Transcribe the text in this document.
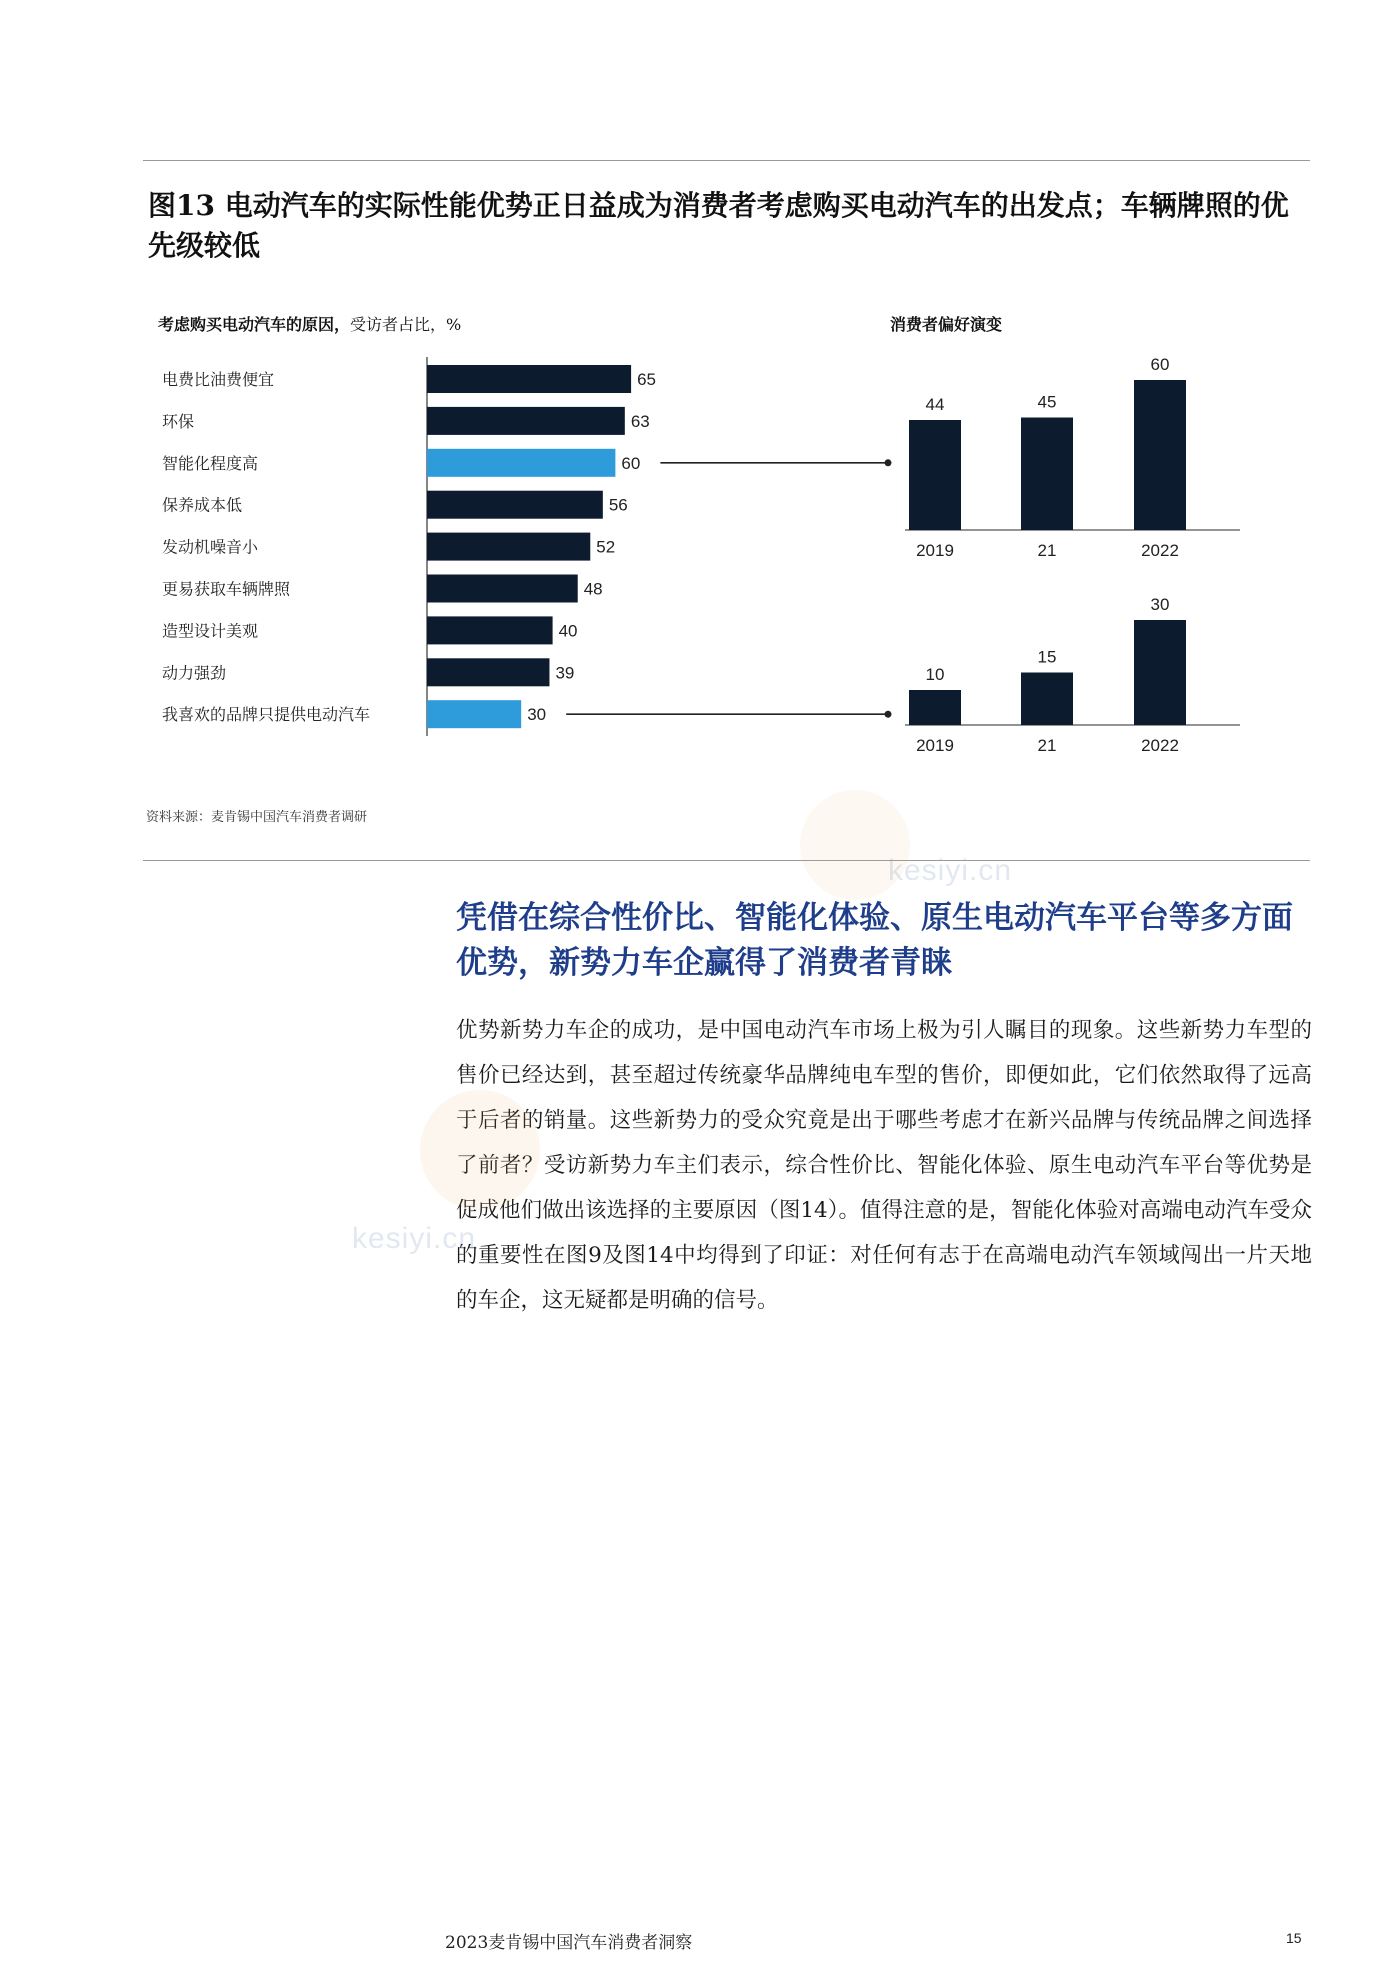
图13 电动汽车的实际性能优势正日益成为消费者考虑购买电动汽车的出发点；车辆牌照的优先级较低
考虑购买电动汽车的原因，受访者占比，%	消费者偏好演变
电费比油费便宜	65
环保	63
智能化程度高	60
保养成本低	56
发动机噪音小	52
更易获取车辆牌照	48
造型设计美观	40
动力强劲	39
我喜欢的品牌只提供电动汽车	30
44
2019
45
21
60
2022
10
2019
15
21
30
2022
资料来源：麦肯锡中国汽车消费者调研
凭借在综合性价比、智能化体验、原生电动汽车平台等多方面优势，新势力车企赢得了消费者青睐
优势新势力车企的成功，是中国电动汽车市场上极为引人瞩目的现象。这些新势力车型的售价已经达到，甚至超过传统豪华品牌纯电车型的售价，即便如此，它们依然取得了远高于后者的销量。这些新势力的受众究竟是出于哪些考虑才在新兴品牌与传统品牌之间选择了前者？受访新势力车主们表示，综合性价比、智能化体验、原生电动汽车平台等优势是促成他们做出该选择的主要原因（图14）。值得注意的是，智能化体验对高端电动汽车受众的重要性在图9及图14中均得到了印证：对任何有志于在高端电动汽车领域闯出一片天地的车企，这无疑都是明确的信号。
kesiyi.cn
kesiyi.cn
2023麦肯锡中国汽车消费者洞察	15
